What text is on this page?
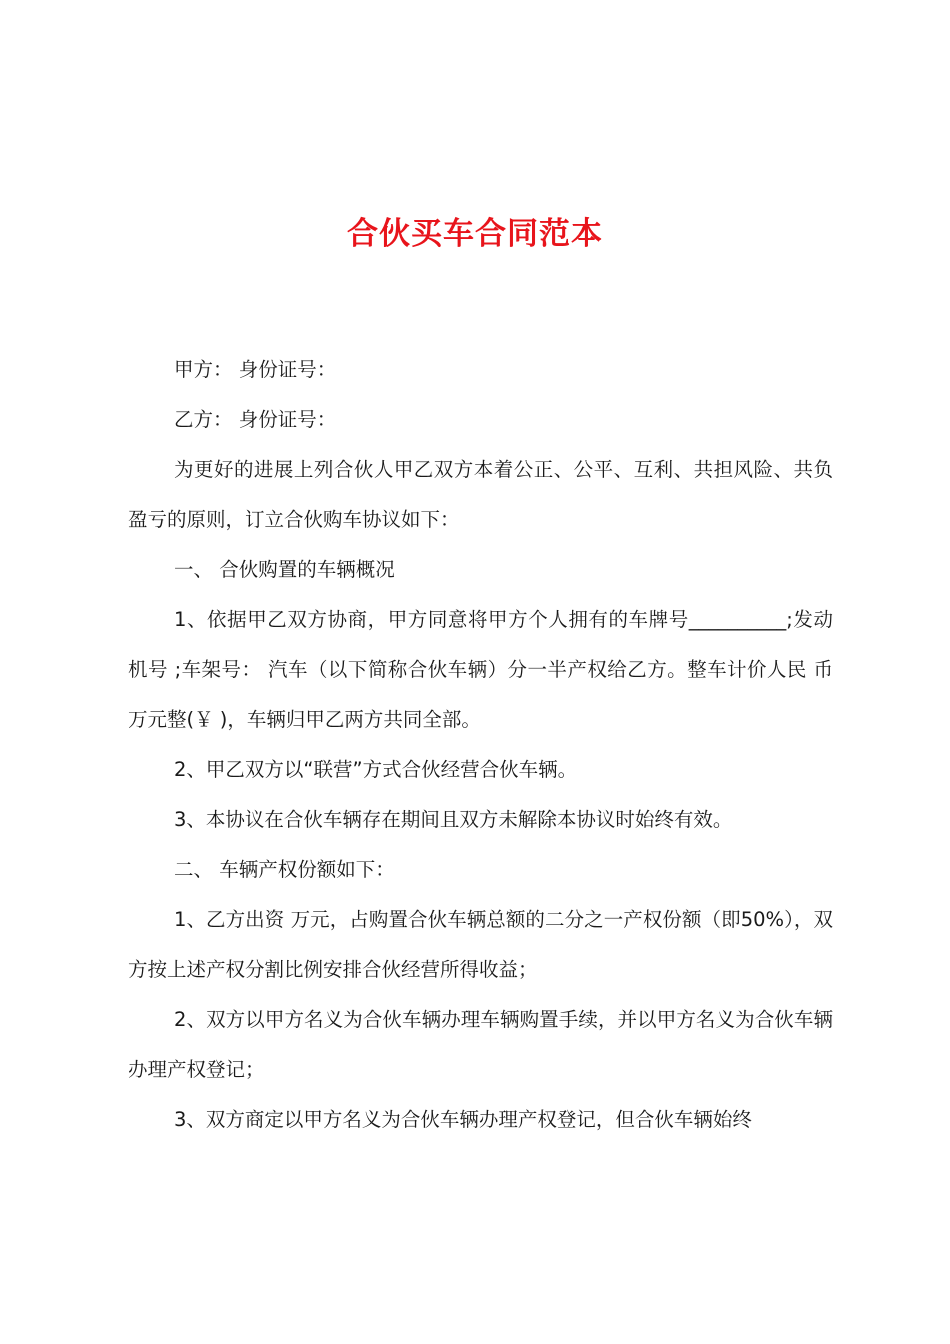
合伙买车合同范本

甲方： 身份证号：

乙方： 身份证号：

为更好的进展上列合伙人甲乙双方本着公正、公平、互利、共担风险、共负盈亏的原则，订立合伙购车协议如下：

一、 合伙购置的车辆概况

1、依据甲乙双方协商，甲方同意将甲方个人拥有的车牌号__________;发动机号 ;车架号： 汽车（以下简称合伙车辆）分一半产权给乙方。整车计价人民 币 万元整(￥ )，车辆归甲乙两方共同全部。

2、甲乙双方以“联营”方式合伙经营合伙车辆。

3、本协议在合伙车辆存在期间且双方未解除本协议时始终有效。

二、 车辆产权份额如下：

1、乙方出资 万元，占购置合伙车辆总额的二分之一产权份额（即50%），双方按上述产权分割比例安排合伙经营所得收益；

2、双方以甲方名义为合伙车辆办理车辆购置手续，并以甲方名义为合伙车辆办理产权登记；

3、双方商定以甲方名义为合伙车辆办理产权登记，但合伙车辆始终
